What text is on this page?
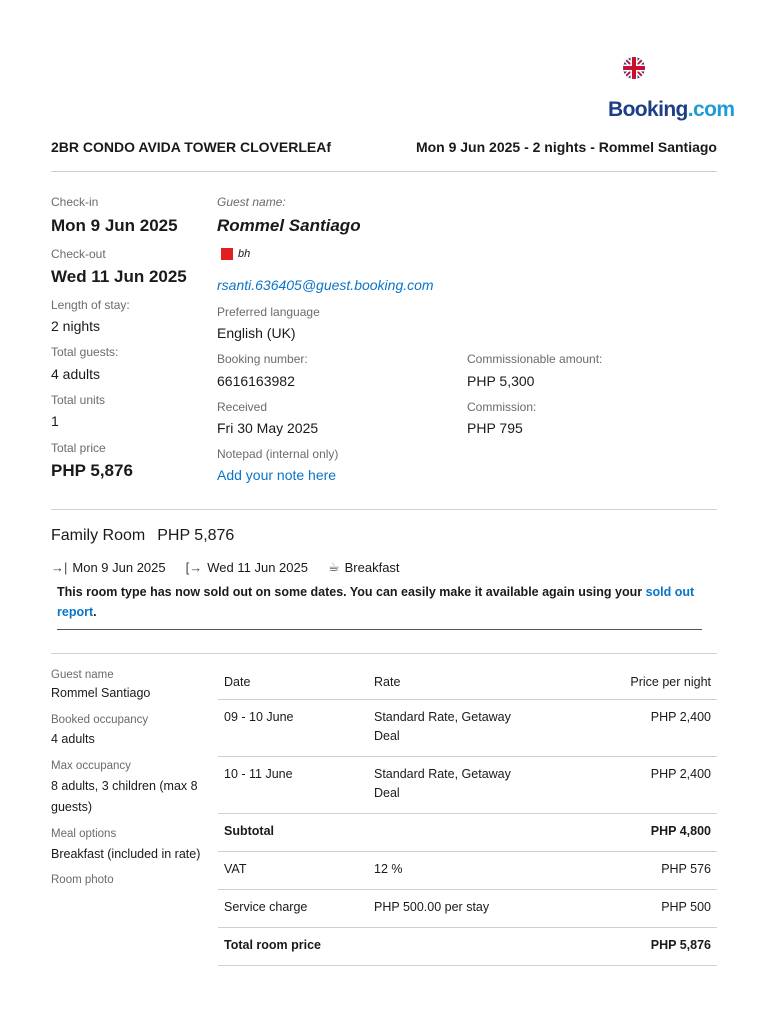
Booking.com
2BR CONDO AVIDA TOWER CLOVERLEAf	Mon 9 Jun 2025 - 2 nights - Rommel Santiago
Check-in
Mon 9 Jun 2025
Check-out
Wed 11 Jun 2025
Length of stay:
2 nights
Total guests:
4 adults
Total units
1
Total price
PHP 5,876
Guest name:
Rommel Santiago
bh
rsanti.636405@guest.booking.com
Preferred language
English (UK)
Booking number:
6616163982
Received
Fri 30 May 2025
Notepad (internal only)
Add your note here
Commissionable amount:
PHP 5,300
Commission:
PHP 795
Family Room PHP 5,876
→| Mon 9 Jun 2025 [→ Wed 11 Jun 2025 ☕ Breakfast
This room type has now sold out on some dates. You can easily make it available again using your sold out report.
Guest name
Rommel Santiago
Booked occupancy
4 adults
Max occupancy
8 adults, 3 children (max 8 guests)
Meal options
Breakfast (included in rate)
Room photo
Date	Rate	Price per night
09 - 10 June	Standard Rate, Getaway Deal	PHP 2,400
10 - 11 June	Standard Rate, Getaway Deal	PHP 2,400
Subtotal		PHP 4,800
VAT	12 %	PHP 576
Service charge	PHP 500.00 per stay	PHP 500
Total room price		PHP 5,876
